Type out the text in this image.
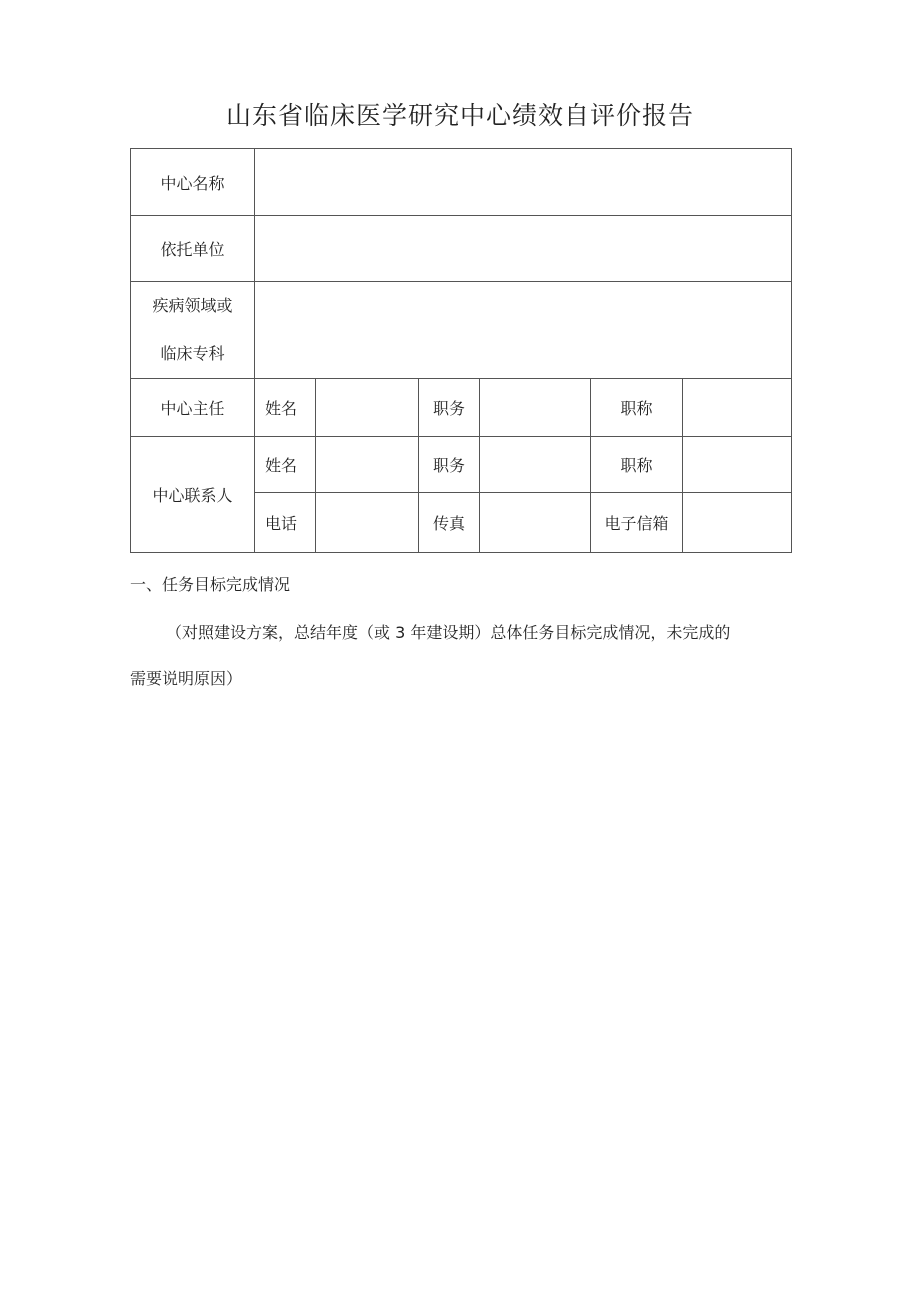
山东省临床医学研究中心绩效自评价报告
中心名称						
依托单位						

疾病领域或
临床专科						

中心主任	姓名		职务		职称	
中心联系人	姓名		职务		职称	
	电话		传真		电子信箱	
一、任务目标完成情况
（对照建设方案，总结年度（或 3 年建设期）总体任务目标完成情况，未完成的
需要说明原因）
